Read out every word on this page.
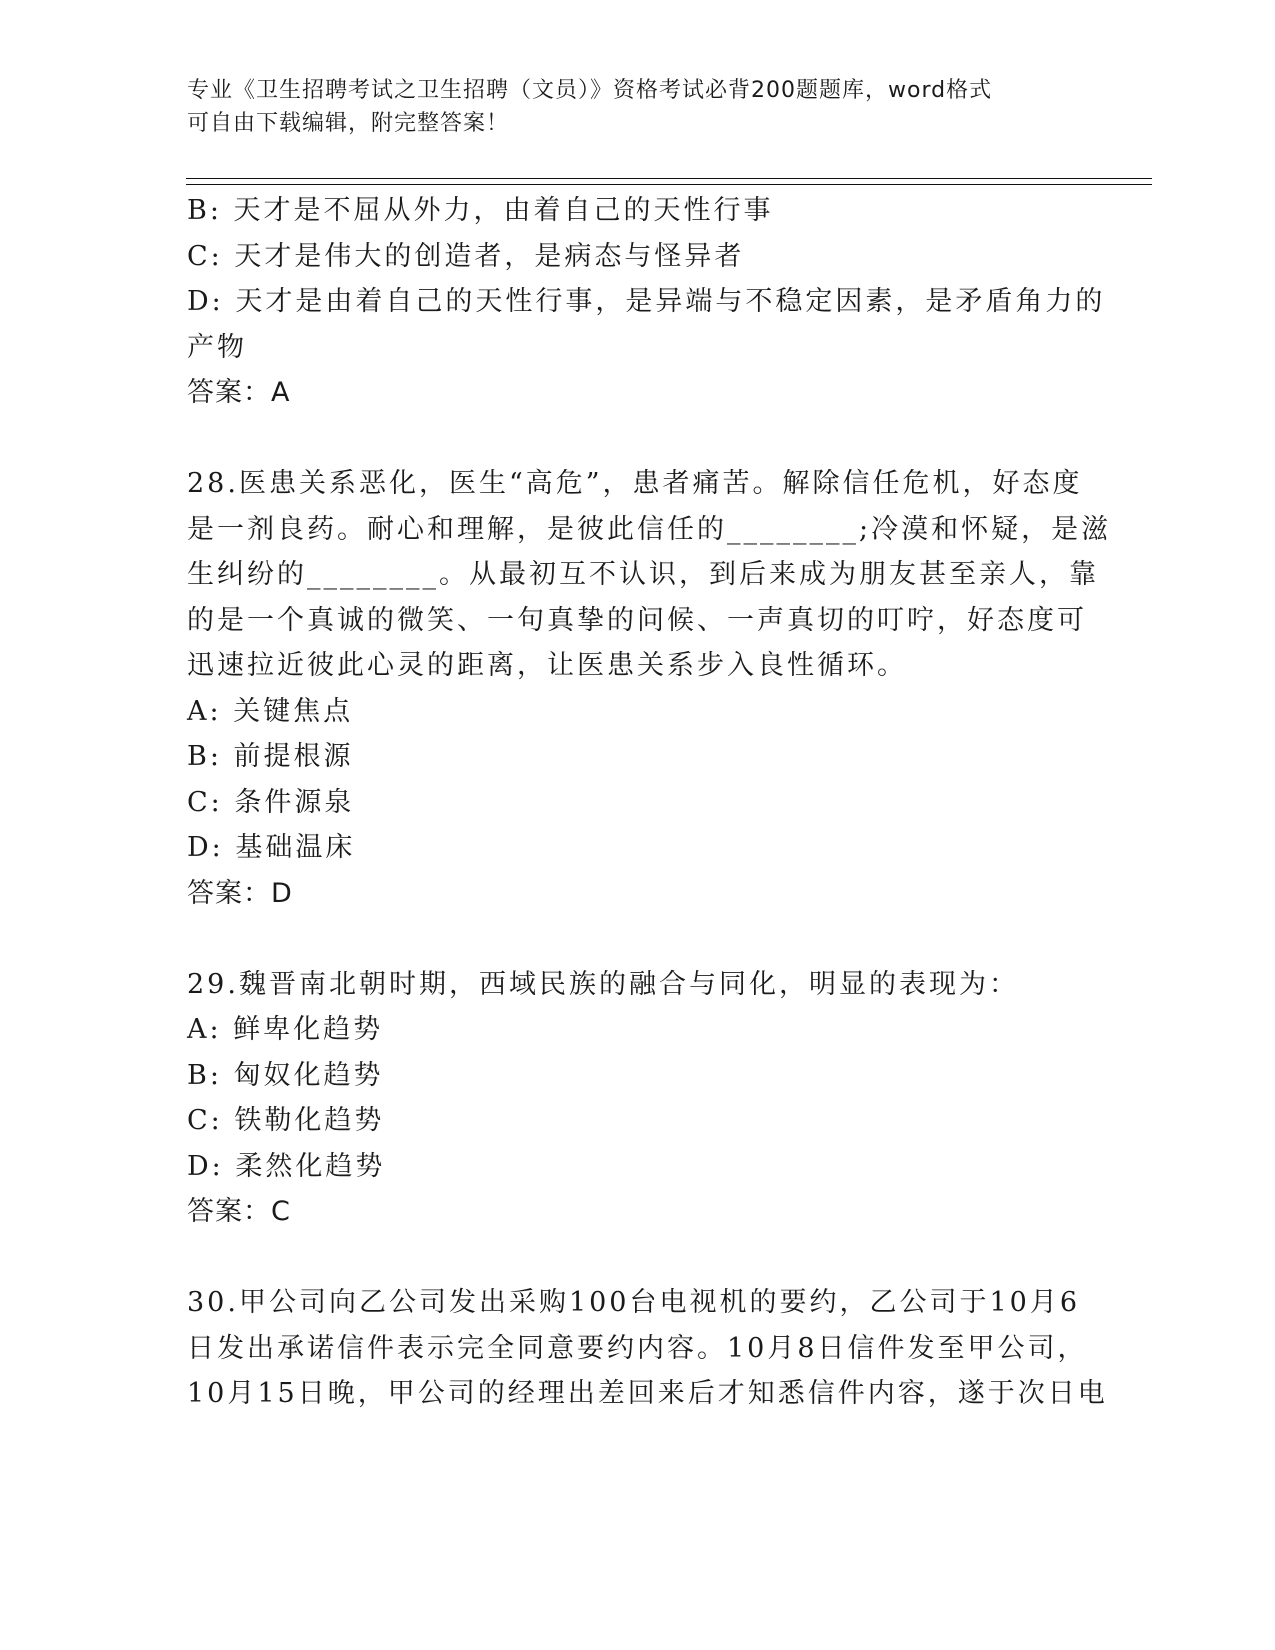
专业《卫生招聘考试之卫生招聘（文员）》资格考试必背200题题库，word格式
可自由下载编辑，附完整答案！
B: 天才是不屈从外力，由着自己的天性行事
C: 天才是伟大的创造者，是病态与怪异者
D: 天才是由着自己的天性行事，是异端与不稳定因素，是矛盾角力的
产物
答案：A
28.医患关系恶化，医生“高危”，患者痛苦。解除信任危机，好态度
是一剂良药。耐心和理解，是彼此信任的________;冷漠和怀疑，是滋
生纠纷的________。从最初互不认识，到后来成为朋友甚至亲人，靠
的是一个真诚的微笑、一句真挚的问候、一声真切的叮咛，好态度可
迅速拉近彼此心灵的距离，让医患关系步入良性循环。
A: 关键焦点
B: 前提根源
C: 条件源泉
D: 基础温床
答案：D
29.魏晋南北朝时期，西域民族的融合与同化，明显的表现为：
A: 鲜卑化趋势
B: 匈奴化趋势
C: 铁勒化趋势
D: 柔然化趋势
答案：C
30.甲公司向乙公司发出采购100台电视机的要约，乙公司于10月6
日发出承诺信件表示完全同意要约内容。10月8日信件发至甲公司，
10月15日晚，甲公司的经理出差回来后才知悉信件内容，遂于次日电
